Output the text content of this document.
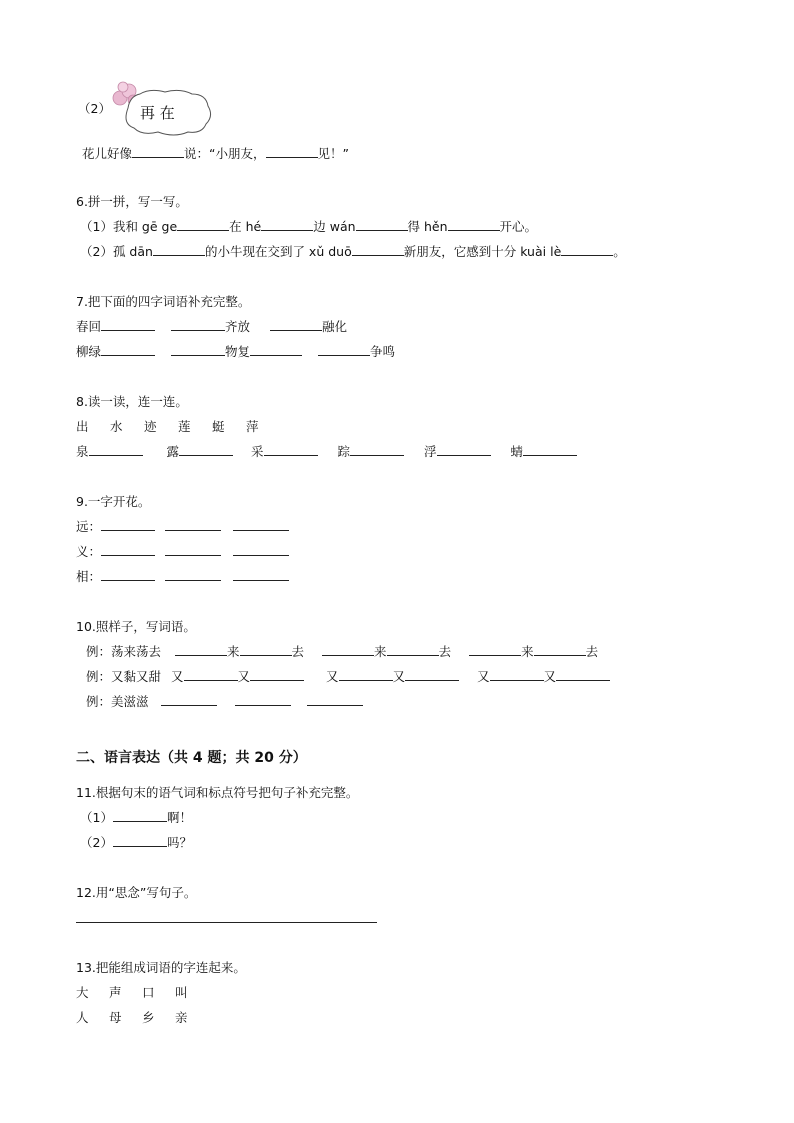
（2） 再 在
花儿好像	说：“小朋友，	见！”
6.拼一拼，写一写。
（1）我和 gē ge	在 hé	边 wán	得 hěn	开心。
（2）孤 dān	的小牛现在交到了 xǔ duō	新朋友，它感到十分 kuài lè	。
7.把下面的四字词语补充完整。
春回	齐放	融化
柳绿	物复	争鸣
8.读一读，连一连。
出 水 迹 莲 蜓 萍
泉	露	采	踪	浮	蜻
9.一字开花。
远：
义：
相：
10.照样子，写词语。
例：荡来荡去	来	去	来	去	来	去
例：又黏又甜 又	又	又	又	又	又
例：美滋滋
二、语言表达（共 4 题；共 20 分）
11.根据句末的语气词和标点符号把句子补充完整。
（1）	啊！
（2）	吗？
12.用“思念”写句子。
13.把能组成词语的字连起来。
大 声 口 叫
人 母 乡 亲
